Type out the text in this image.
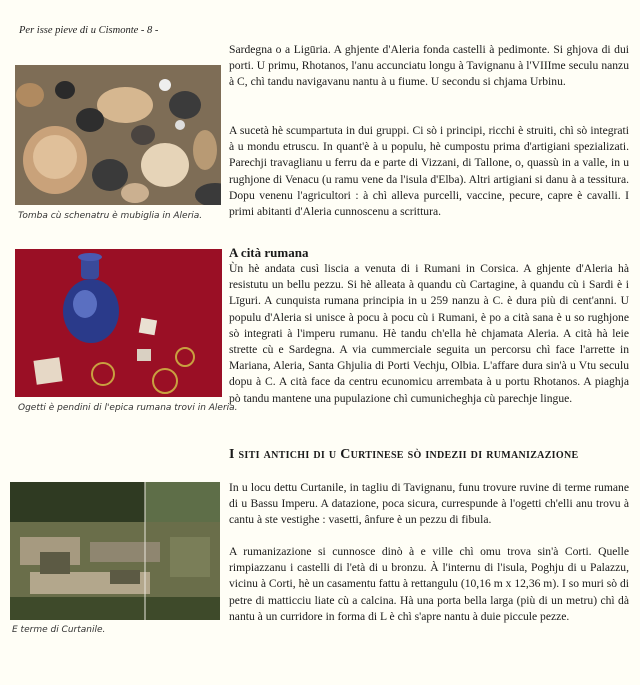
Per isse pieve di u Cismonte - 8 -
Tomba cù schenatru è mubiglia in Aleria.
Ogetti è pendini di l'epica rumana trovi in Aleria.
E terme di Curtanile.

Sardegna o a Ligūria. A ghjente d'Aleria fonda castelli à pedimonte. Si ghjova di dui porti. U primu, Rhotanos, l'anu accunciatu longu à Tavignanu à l'VIIIme seculu nanzu à C, chì tandu navigavanu nantu à u fiume. U secondu si chjama Urbinu.

A sucetà hè scumpartuta in dui gruppi. Ci sò i principi, ricchi è struiti, chì sò integrati à u mondu etruscu. In quant'è à u populu, hè cumpostu prima d'artigiani spezializati. Parechji travaglianu u ferru da e parte di Vizzani, di Tallone, o, quassù in a valle, in u rughjone di Venacu (u ramu vene da l'isula d'Elba). Altri artigiani si danu à a tessitura. Dopu venenu l'agricultori : à chì alleva purcelli, vaccine, pecure, capre è cavalli. I primi abitanti d'Aleria cunnoscenu a scrittura.

A cità rumana

Ùn hè andata cusì liscia a venuta di i Rumani in Corsica. A ghjente d'Aleria hà resistutu un bellu pezzu. Si hè alleata à quandu cù Cartagine, à quandu cù i Sardi è i Līguri. A cunquista rumana principia in u 259 nanzu à C. è dura più di cent'anni. U populu d'Aleria si unisce à pocu à pocu cù i Rumani, è po a cità sana è u so rughjone sò integrati à l'imperu rumanu. Hè tandu ch'ella hè chjamata Aleria. A cità hà leie strette cù e Sardegna. A via cummerciale seguita un percorsu chì face l'arrette in Mariana, Aleria, Santa Ghjulia di Porti Vechju, Olbia. L'affare dura sin'à u Vtu seculu dopu à C. A cità face da centru ecunomicu arrembata à u portu Rhotanos. A piaghja pò tandu mantene una pupulazione chì cumunicheghja cù parechje lingue.

I siti antichi di u Curtinese sò indezii di rumanizazione

In u locu dettu Curtanile, in tagliu di Tavignanu, funu trovure ruvine di terme rumane di u Bassu Imperu. A datazione, poca sicura, currespunde à l'ogetti ch'elli anu trovu à cantu à ste vestighe : vasetti, ânfure è un pezzu di fibula.

A rumanizazione si cunnosce dinò à e ville chì omu trova sin'à Corti. Quelle rimpiazzanu i castelli di l'età di u bronzu. À l'internu di l'isula, Poghju di u Palazzu, vicinu à Corti, hè un casamentu fattu à rettangulu (10,16 m x 12,36 m). I so muri sò di petre di matticciu liate cù a calcina. Hà una porta bella larga (più di un metru) chì dà nantu à un curridore in forma di L è chì s'apre nantu à duie piccule pezze.
